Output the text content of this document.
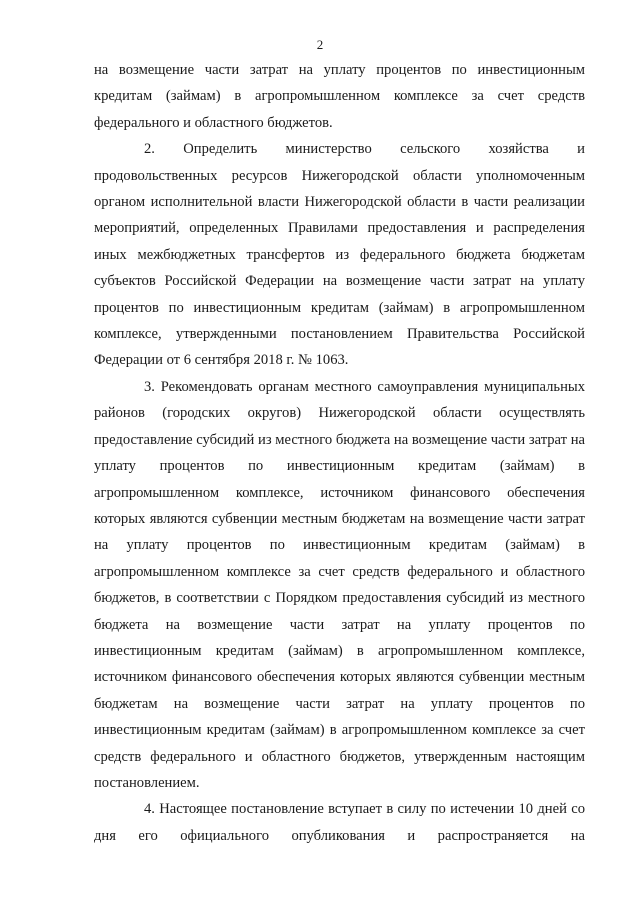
2

на возмещение части затрат на уплату процентов по инвестиционным кредитам (займам) в агропромышленном комплексе за счет средств федерального и областного бюджетов.

2. Определить министерство сельского хозяйства и продовольственных ресурсов Нижегородской области уполномоченным органом исполнительной власти Нижегородской области в части реализации мероприятий, определенных Правилами предоставления и распределения иных межбюджетных трансфертов из федерального бюджета бюджетам субъектов Российской Федерации на возмещение части затрат на уплату процентов по инвестиционным кредитам (займам) в агропромышленном комплексе, утвержденными постановлением Правительства Российской Федерации от 6 сентября 2018 г. № 1063.

3. Рекомендовать органам местного самоуправления муниципальных районов (городских округов) Нижегородской области осуществлять предоставление субсидий из местного бюджета на возмещение части затрат на уплату процентов по инвестиционным кредитам (займам) в агропромышленном комплексе, источником финансового обеспечения которых являются субвенции местным бюджетам на возмещение части затрат на уплату процентов по инвестиционным кредитам (займам) в агропромышленном комплексе за счет средств федерального и областного бюджетов, в соответствии с Порядком предоставления субсидий из местного бюджета на возмещение части затрат на уплату процентов по инвестиционным кредитам (займам) в агропромышленном комплексе, источником финансового обеспечения которых являются субвенции местным бюджетам на возмещение части затрат на уплату процентов по инвестиционным кредитам (займам) в агропромышленном комплексе за счет средств федерального и областного бюджетов, утвержденным настоящим постановлением.

4. Настоящее постановление вступает в силу по истечении 10 дней со дня его официального опубликования и распространяется на
